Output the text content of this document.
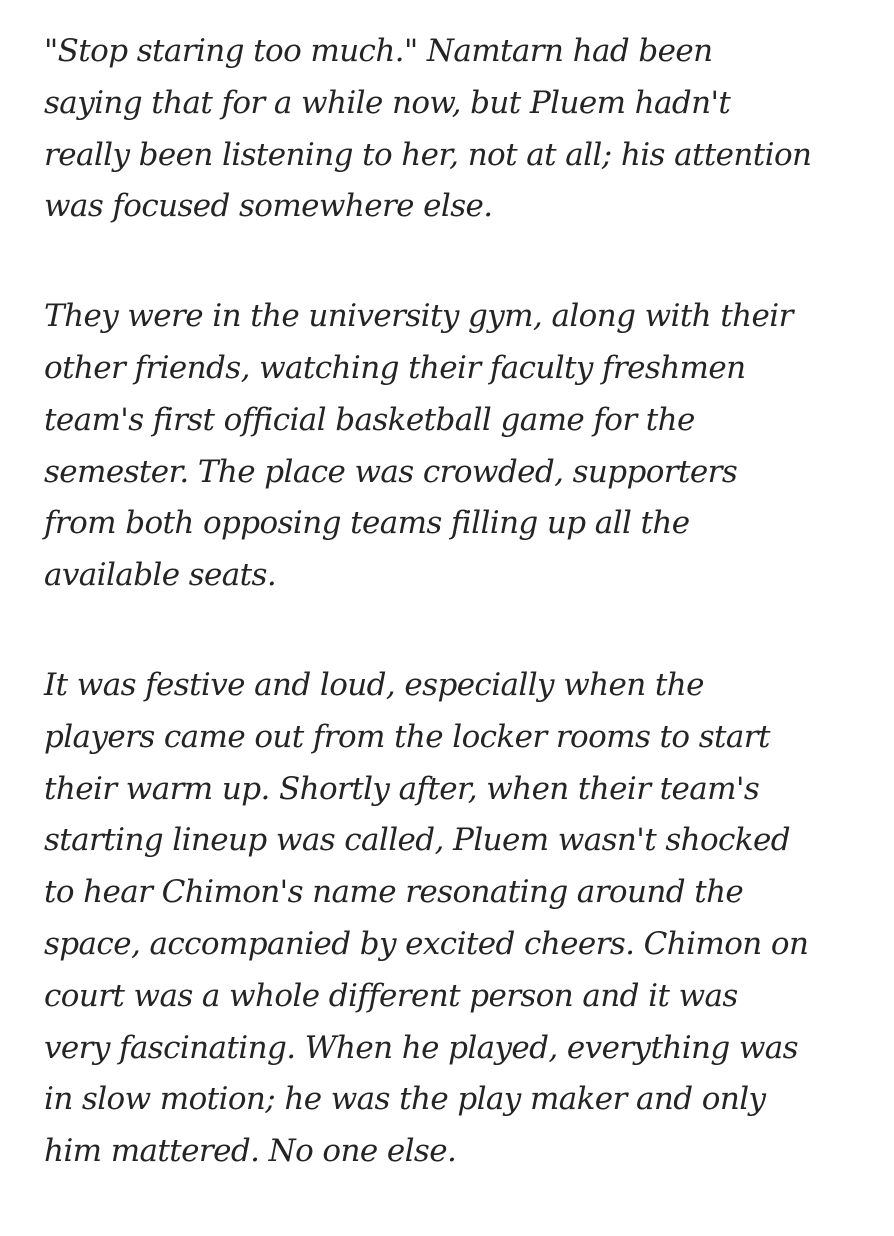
"Stop staring too much." Namtarn had been
saying that for a while now, but Pluem hadn't
really been listening to her, not at all; his attention
was focused somewhere else.

They were in the university gym, along with their
other friends, watching their faculty freshmen
team's first official basketball game for the
semester. The place was crowded, supporters
from both opposing teams filling up all the
available seats.

It was festive and loud, especially when the
players came out from the locker rooms to start
their warm up. Shortly after, when their team's
starting lineup was called, Pluem wasn't shocked
to hear Chimon's name resonating around the
space, accompanied by excited cheers. Chimon on
court was a whole different person and it was
very fascinating. When he played, everything was
in slow motion; he was the play maker and only
him mattered. No one else.
